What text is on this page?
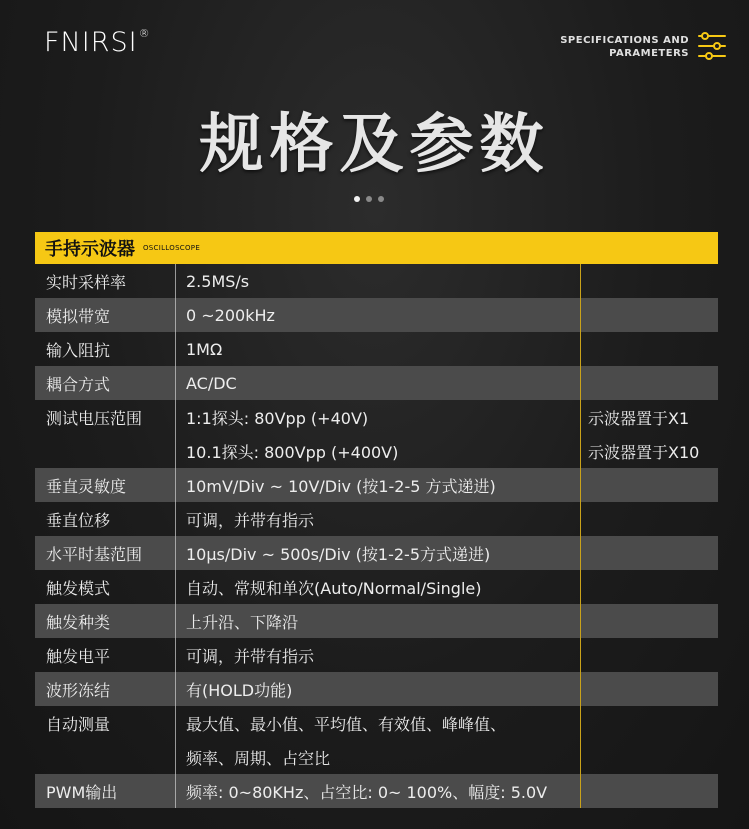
FNIRSI®
SPECIFICATIONS AND
PARAMETERS
规格及参数
手持示波器 OSCILLOSCOPE
实时采样率	2.5MS/s
模拟带宽	0 ~200kHz
输入阻抗	1MΩ
耦合方式	AC/DC
测试电压范围	1:1探头: 80Vpp (+40V)	示波器置于X1
10.1探头: 800Vpp (+400V)	示波器置于X10
垂直灵敏度	10mV/Div ~ 10V/Div (按1-2-5 方式递进)
垂直位移	可调，并带有指示
水平时基范围	10μs/Div ~ 500s/Div (按1-2-5方式递进)
触发模式	自动、常规和单次(Auto/Normal/Single)
触发种类	上升沿、下降沿
触发电平	可调，并带有指示
波形冻结	有(HOLD功能)
自动测量	最大值、最小值、平均值、有效值、峰峰值、
频率、周期、占空比
PWM输出	频率: 0~80KHz、占空比: 0~ 100%、幅度: 5.0V
